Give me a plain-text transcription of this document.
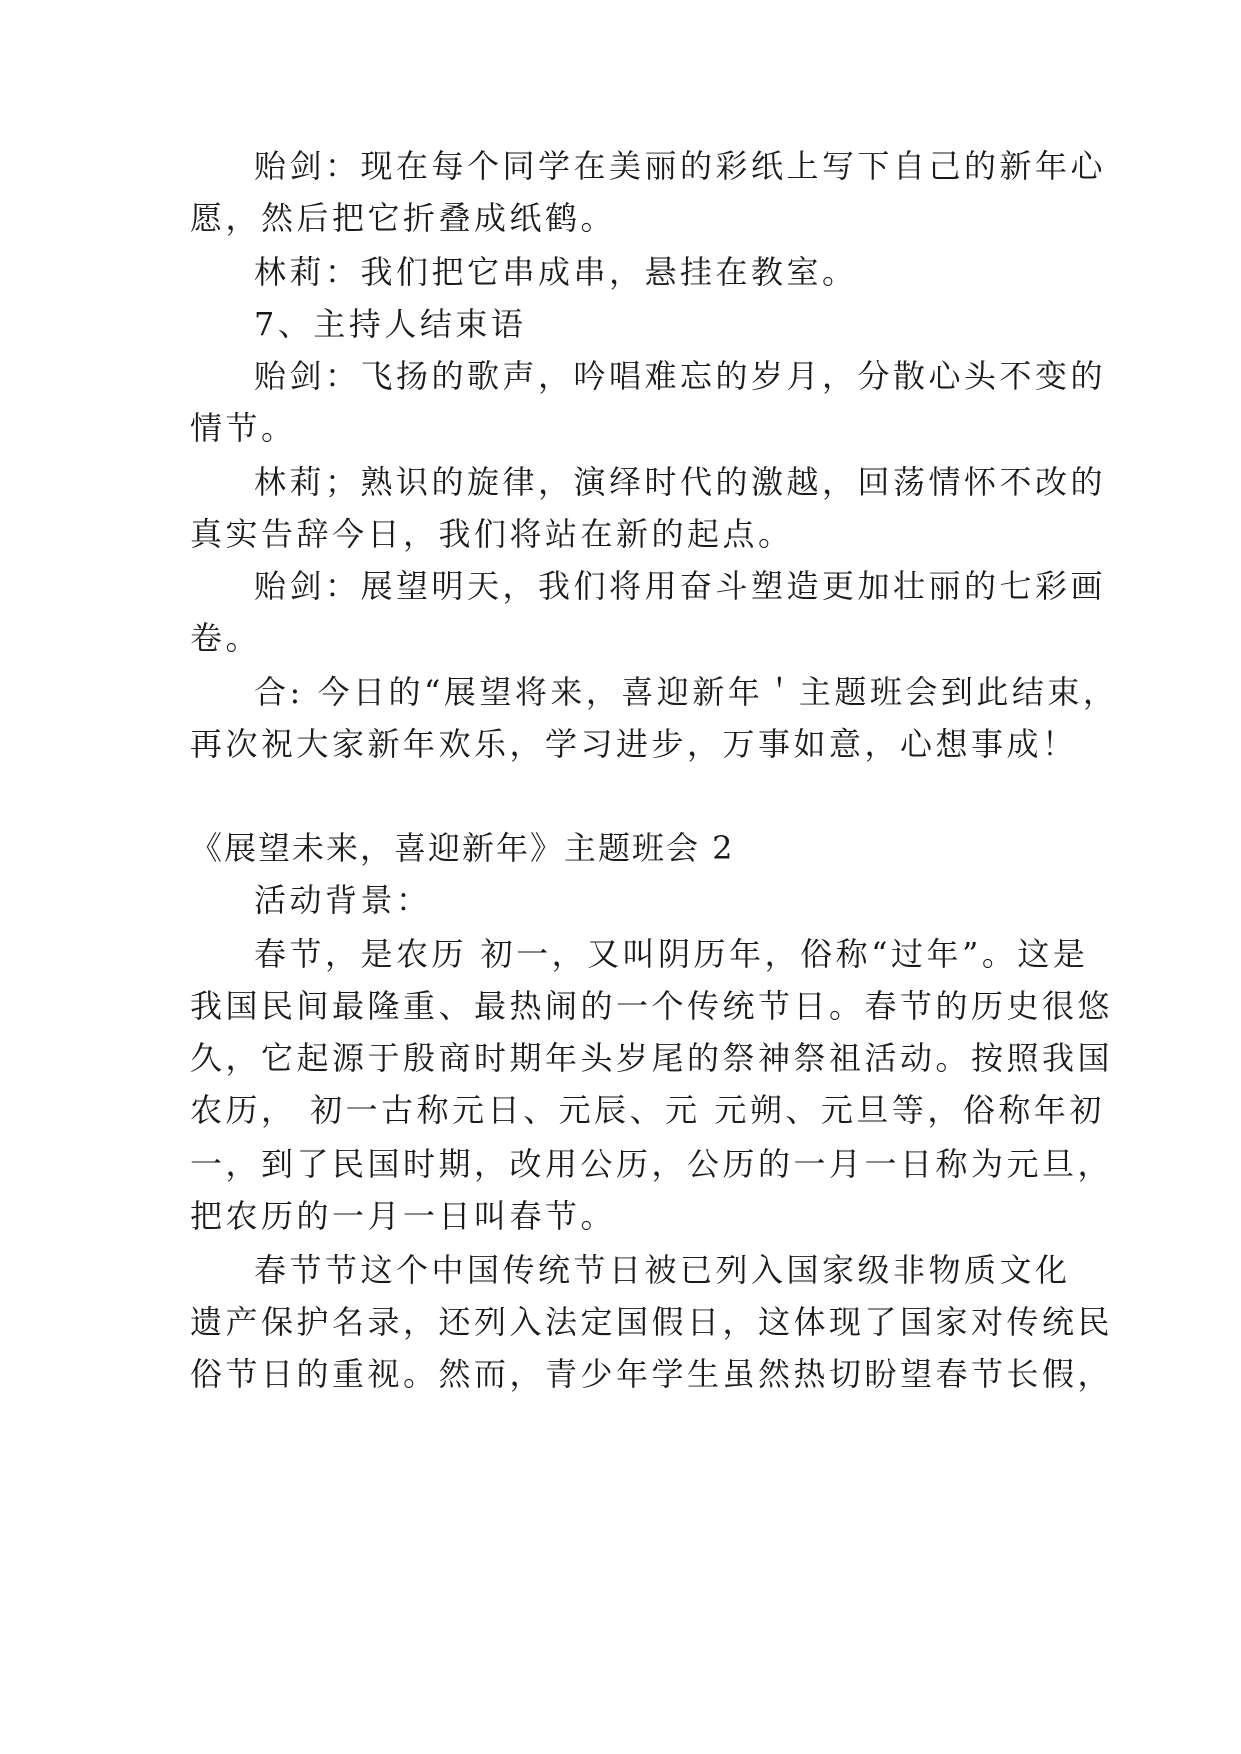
贻剑：现在每个同学在美丽的彩纸上写下自己的新年心

愿，然后把它折叠成纸鹤。

林莉：我们把它串成串，悬挂在教室。

7、主持人结束语

贻剑：飞扬的歌声，吟唱难忘的岁月，分散心头不变的

情节。

林莉；熟识的旋律，演绎时代的激越，回荡情怀不改的

真实告辞今日，我们将站在新的起点。

贻剑：展望明天，我们将用奋斗塑造更加壮丽的七彩画

卷。

合: 今日的“展望将来，喜迎新年＇主题班会到此结束，

再次祝大家新年欢乐，学习进步，万事如意，心想事成！

《展望未来，喜迎新年》主题班会 2

活动背景：

春节，是农历 初一，又叫阴历年，俗称“过年”。这是

我国民间最隆重、最热闹的一个传统节日。春节的历史很悠

久，它起源于殷商时期年头岁尾的祭神祭祖活动。按照我国

农历， 初一古称元日、元辰、元 元朔、元旦等，俗称年初

一，到了民国时期，改用公历，公历的一月一日称为元旦，

把农历的一月一日叫春节。

春节节这个中国传统节日被已列入国家级非物质文化

遗产保护名录，还列入法定国假日，这体现了国家对传统民

俗节日的重视。然而，青少年学生虽然热切盼望春节长假，
